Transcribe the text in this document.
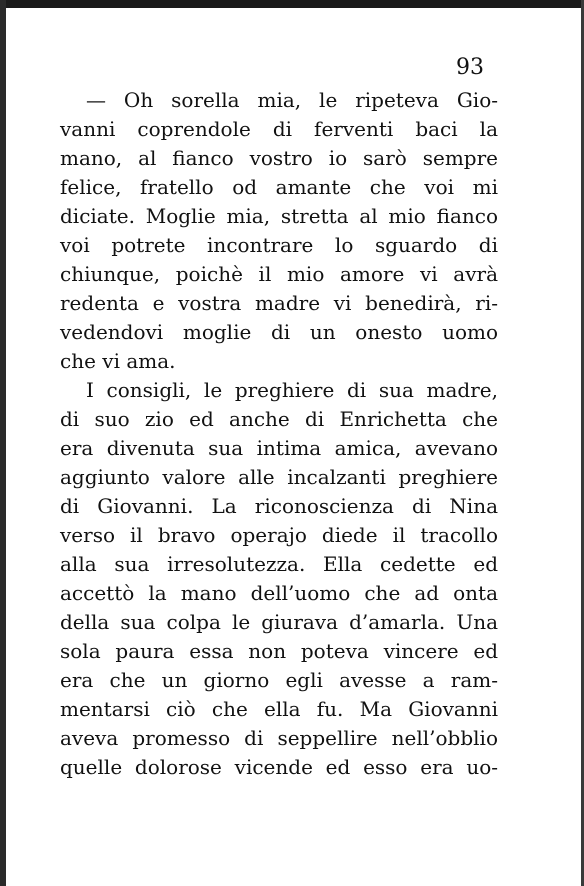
93
— Oh sorella mia, le ripeteva Gio-
vanni coprendole di ferventi baci la
mano, al fianco vostro io sarò sempre
felice, fratello od amante che voi mi
diciate. Moglie mia, stretta al mio fianco
voi potrete incontrare lo sguardo di
chiunque, poichè il mio amore vi avrà
redenta e vostra madre vi benedirà, ri-
vedendovi moglie di un onesto uomo
che vi ama.
I consigli, le preghiere di sua madre,
di suo zio ed anche di Enrichetta che
era divenuta sua intima amica, avevano
aggiunto valore alle incalzanti preghiere
di Giovanni. La riconoscienza di Nina
verso il bravo operajo diede il tracollo
alla sua irresolutezza. Ella cedette ed
accettò la mano dell’uomo che ad onta
della sua colpa le giurava d’amarla. Una
sola paura essa non poteva vincere ed
era che un giorno egli avesse a ram-
mentarsi ciò che ella fu. Ma Giovanni
aveva promesso di seppellire nell’obblio
quelle dolorose vicende ed esso era uo-
